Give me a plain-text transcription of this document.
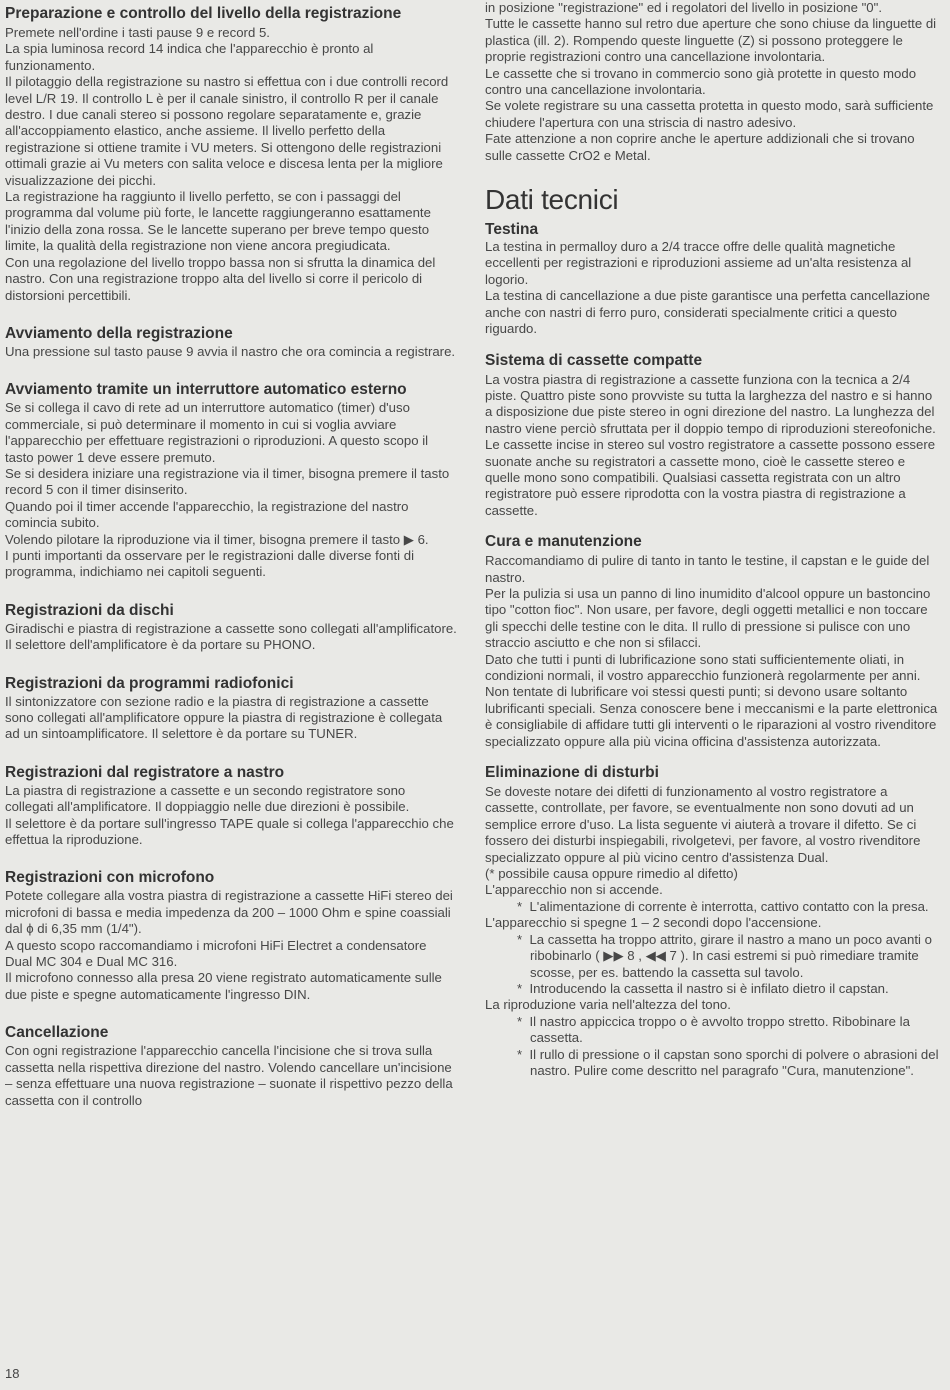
Preparazione e controllo del livello della registrazione

Premete nell'ordine i tasti pause 9 e record 5.

La spia luminosa record 14 indica che l'apparecchio è pronto al funzionamento.

Il pilotaggio della registrazione su nastro si effettua con i due controlli record level L/R 19. Il controllo L è per il canale sinistro, il controllo R per il canale destro. I due canali stereo si possono regolare separatamente e, grazie all'accoppiamento elastico, anche assieme. Il livello perfetto della registrazione si ottiene tramite i VU meters. Si ottengono delle registrazioni ottimali grazie ai Vu meters con salita veloce e discesa lenta per la migliore visualizzazione dei picchi.

La registrazione ha raggiunto il livello perfetto, se con i passaggi del programma dal volume più forte, le lancette raggiungeranno esattamente l'inizio della zona rossa. Se le lancette superano per breve tempo questo limite, la qualità della registrazione non viene ancora pregiudicata.

Con una regolazione del livello troppo bassa non si sfrutta la dinamica del nastro. Con una registrazione troppo alta del livello si corre il pericolo di distorsioni percettibili.

Avviamento della registrazione

Una pressione sul tasto pause 9 avvia il nastro che ora comincia a registrare.

Avviamento tramite un interruttore automatico esterno

Se si collega il cavo di rete ad un interruttore automatico (timer) d'uso commerciale, si può determinare il momento in cui si voglia avviare l'apparecchio per effettuare registrazioni o riproduzioni. A questo scopo il tasto power 1 deve essere premuto.

Se si desidera iniziare una registrazione via il timer, bisogna premere il tasto record 5 con il timer disinserito.

Quando poi il timer accende l'apparecchio, la registrazione del nastro comincia subito.

Volendo pilotare la riproduzione via il timer, bisogna premere il tasto ▶ 6.

I punti importanti da osservare per le registrazioni dalle diverse fonti di programma, indichiamo nei capitoli seguenti.

Registrazioni da dischi

Giradischi e piastra di registrazione a cassette sono collegati all'amplificatore. Il selettore dell'amplificatore è da portare su PHONO.

Registrazioni da programmi radiofonici

Il sintonizzatore con sezione radio e la piastra di registrazione a cassette sono collegati all'amplificatore oppure la piastra di registrazione è collegata ad un sintoamplificatore. Il selettore è da portare su TUNER.

Registrazioni dal registratore a nastro

La piastra di registrazione a cassette e un secondo registratore sono collegati all'amplificatore. Il doppiaggio nelle due direzioni è possibile.

Il selettore è da portare sull'ingresso TAPE quale si collega l'apparecchio che effettua la riproduzione.

Registrazioni con microfono

Potete collegare alla vostra piastra di registrazione a cassette HiFi stereo dei microfoni di bassa e media impedenza da 200 – 1000 Ohm e spine coassiali dal ϕ di 6,35 mm (1/4").

A questo scopo raccomandiamo i microfoni HiFi Electret a condensatore Dual MC 304 e Dual MC 316.

Il microfono connesso alla presa 20 viene registrato automaticamente sulle due piste e spegne automaticamente l'ingresso DIN.

Cancellazione

Con ogni registrazione l'apparecchio cancella l'incisione che si trova sulla cassetta nella rispettiva direzione del nastro. Volendo cancellare un'incisione – senza effettuare una nuova registrazione – suonate il rispettivo pezzo della cassetta con il controllo

18

in posizione "registrazione" ed i regolatori del livello in posizione "0".

Tutte le cassette hanno sul retro due aperture che sono chiuse da linguette di plastica (ill. 2). Rompendo queste linguette (Z) si possono proteggere le proprie registrazioni contro una cancellazione involontaria.

Le cassette che si trovano in commercio sono già protette in questo modo contro una cancellazione involontaria.

Se volete registrare su una cassetta protetta in questo modo, sarà sufficiente chiudere l'apertura con una striscia di nastro adesivo.

Fate attenzione a non coprire anche le aperture addizionali che si trovano sulle cassette CrO2 e Metal.

Dati tecnici
Testina

La testina in permalloy duro a 2/4 tracce offre delle qualità magnetiche eccellenti per registrazioni e riproduzioni assieme ad un'alta resistenza al logorio.

La testina di cancellazione a due piste garantisce una perfetta cancellazione anche con nastri di ferro puro, considerati specialmente critici a questo riguardo.

Sistema di cassette compatte

La vostra piastra di registrazione a cassette funziona con la tecnica a 2/4 piste. Quattro piste sono provviste su tutta la larghezza del nastro e si hanno a disposizione due piste stereo in ogni direzione del nastro. La lunghezza del nastro viene perciò sfruttata per il doppio tempo di riproduzioni stereofoniche.

Le cassette incise in stereo sul vostro registratore a cassette possono essere suonate anche su registratori a cassette mono, cioè le cassette stereo e quelle mono sono compatibili. Qualsiasi cassetta registrata con un altro registratore può essere riprodotta con la vostra piastra di registrazione a cassette.

Cura e manutenzione

Raccomandiamo di pulire di tanto in tanto le testine, il capstan e le guide del nastro.

Per la pulizia si usa un panno di lino inumidito d'alcool oppure un bastoncino tipo "cotton fioc". Non usare, per favore, degli oggetti metallici e non toccare gli specchi delle testine con le dita. Il rullo di pressione si pulisce con uno straccio asciutto e che non si sfilacci.

Dato che tutti i punti di lubrificazione sono stati sufficientemente oliati, in condizioni normali, il vostro apparecchio funzionerà regolarmente per anni. Non tentate di lubrificare voi stessi questi punti; si devono usare soltanto lubrificanti speciali. Senza conoscere bene i meccanismi e la parte elettronica è consigliabile di affidare tutti gli interventi o le riparazioni al vostro rivenditore specializzato oppure alla più vicina officina d'assistenza autorizzata.

Eliminazione di disturbi

Se doveste notare dei difetti di funzionamento al vostro registratore a cassette, controllate, per favore, se eventualmente non sono dovuti ad un semplice errore d'uso. La lista seguente vi aiuterà a trovare il difetto. Se ci fossero dei disturbi inspiegabili, rivolgetevi, per favore, al vostro rivenditore specializzato oppure al più vicino centro d'assistenza Dual.

(* possibile causa oppure rimedio al difetto)

L'apparecchio non si accende.

*  L'alimentazione di corrente è interrotta, cattivo contatto con la presa.

L'apparecchio si spegne 1 – 2 secondi dopo l'accensione.

*  La cassetta ha troppo attrito, girare il nastro a mano un poco avanti o ribobinarlo ( ▶▶ 8 , ◀◀ 7 ). In casi estremi si può rimediare tramite scosse, per es. battendo la cassetta sul tavolo.

*  Introducendo la cassetta il nastro si è infilato dietro il capstan.

La riproduzione varia nell'altezza del tono.

*  Il nastro appiccica troppo o è avvolto troppo stretto. Ribobinare la cassetta.

*  Il rullo di pressione o il capstan sono sporchi di polvere o abrasioni del nastro. Pulire come descritto nel paragrafo "Cura, manutenzione".
